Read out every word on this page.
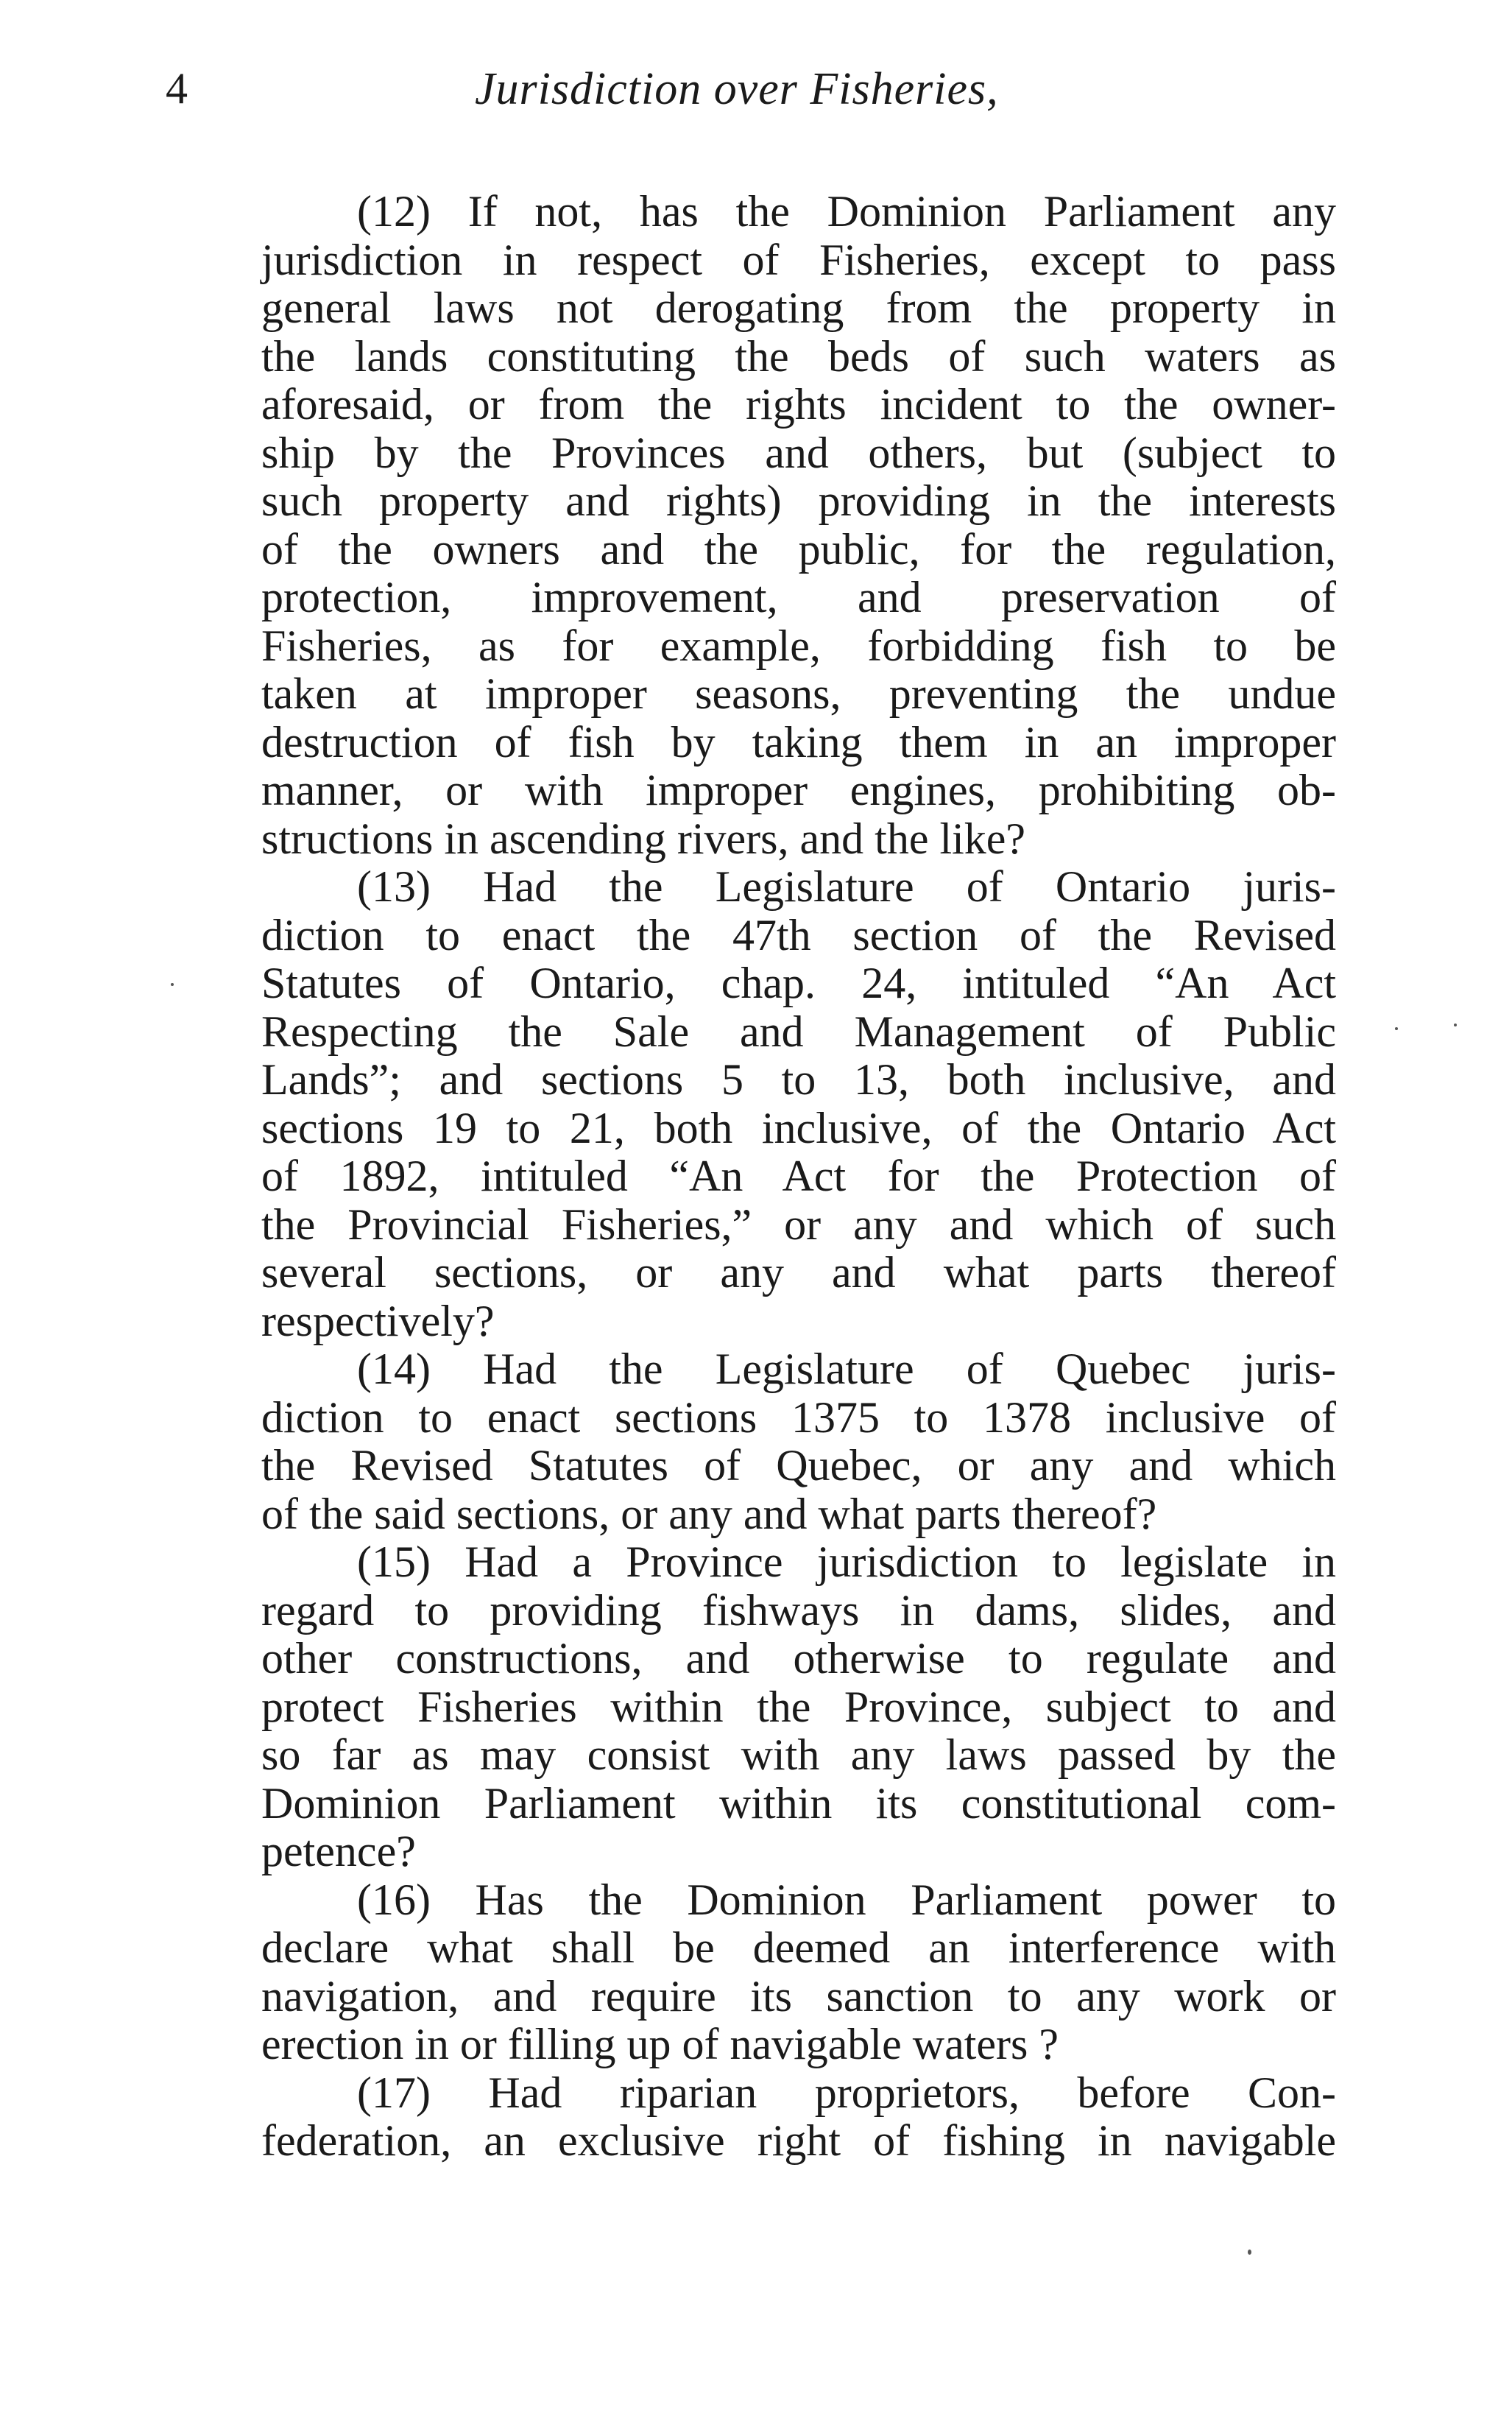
4	Jurisdiction over Fisheries,
(12) If not, has the Dominion Parliament any
jurisdiction in respect of Fisheries, except to pass
general laws not derogating from the property in
the lands constituting the beds of such waters as
aforesaid, or from the rights incident to the owner-
ship by the Provinces and others, but (subject to
such property and rights) providing in the interests
of the owners and the public, for the regulation,
protection, improvement, and preservation of
Fisheries, as for example, forbidding fish to be
taken at improper seasons, preventing the undue
destruction of fish by taking them in an improper
manner, or with improper engines, prohibiting ob-
structions in ascending rivers, and the like?
(13) Had the Legislature of Ontario juris-
diction to enact the 47th section of the Revised
Statutes of Ontario, chap. 24, intituled “An Act
Respecting the Sale and Management of Public
Lands”; and sections 5 to 13, both inclusive, and
sections 19 to 21, both inclusive, of the Ontario Act
of 1892, intituled “An Act for the Protection of
the Provincial Fisheries,” or any and which of such
several sections, or any and what parts thereof
respectively?
(14) Had the Legislature of Quebec juris-
diction to enact sections 1375 to 1378 inclusive of
the Revised Statutes of Quebec, or any and which
of the said sections, or any and what parts thereof?
(15) Had a Province jurisdiction to legislate in
regard to providing fishways in dams, slides, and
other constructions, and otherwise to regulate and
protect Fisheries within the Province, subject to and
so far as may consist with any laws passed by the
Dominion Parliament within its constitutional com-
petence?
(16) Has the Dominion Parliament power to
declare what shall be deemed an interference with
navigation, and require its sanction to any work or
erection in or filling up of navigable waters ?
(17) Had riparian proprietors, before Con-
federation, an exclusive right of fishing in navigable
